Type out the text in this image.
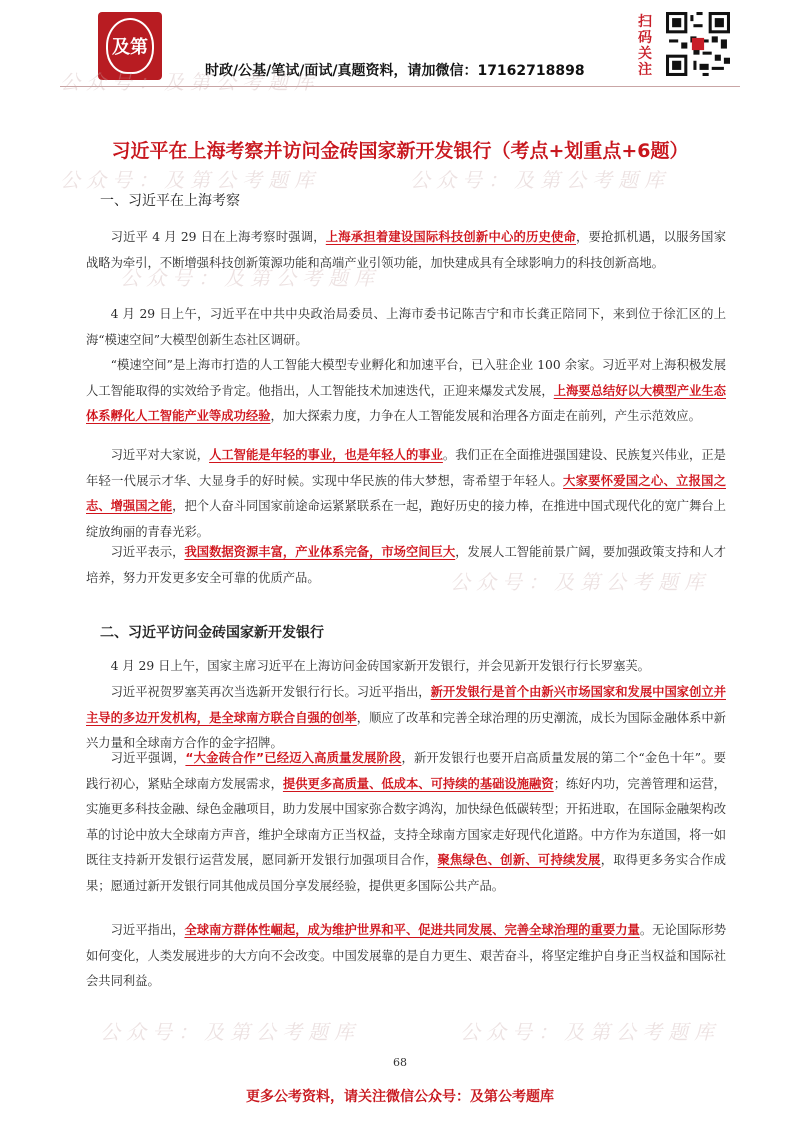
及第
时政/公基/笔试/面试/真题资料，请加微信：17162718898
扫码关注
公众号：及第公考题库
公众号：及第公考题库	公众号：及第公考题库
公众号：及第公考题库
公众号：及第公考题库
公众号：及第公考题库	公众号：及第公考题库
习近平在上海考察并访问金砖国家新开发银行（考点+划重点+6题）
一、习近平在上海考察
习近平 4 月 29 日在上海考察时强调，上海承担着建设国际科技创新中心的历史使命，要抢抓机遇，以服务国家战略为牵引，不断增强科技创新策源功能和高端产业引领功能，加快建成具有全球影响力的科技创新高地。
4 月 29 日上午，习近平在中共中央政治局委员、上海市委书记陈吉宁和市长龚正陪同下，来到位于徐汇区的上海“模速空间”大模型创新生态社区调研。
“模速空间”是上海市打造的人工智能大模型专业孵化和加速平台，已入驻企业 100 余家。习近平对上海积极发展人工智能取得的实效给予肯定。他指出，人工智能技术加速迭代，正迎来爆发式发展，上海要总结好以大模型产业生态体系孵化人工智能产业等成功经验，加大探索力度，力争在人工智能发展和治理各方面走在前列，产生示范效应。
习近平对大家说，人工智能是年轻的事业，也是年轻人的事业。我们正在全面推进强国建设、民族复兴伟业，正是年轻一代展示才华、大显身手的好时候。实现中华民族的伟大梦想，寄希望于年轻人。大家要怀爱国之心、立报国之志、增强国之能，把个人奋斗同国家前途命运紧紧联系在一起，跑好历史的接力棒，在推进中国式现代化的宽广舞台上绽放绚丽的青春光彩。
习近平表示，我国数据资源丰富，产业体系完备，市场空间巨大，发展人工智能前景广阔，要加强政策支持和人才培养，努力开发更多安全可靠的优质产品。
二、习近平访问金砖国家新开发银行
4 月 29 日上午，国家主席习近平在上海访问金砖国家新开发银行，并会见新开发银行行长罗塞芙。
习近平祝贺罗塞芙再次当选新开发银行行长。习近平指出，新开发银行是首个由新兴市场国家和发展中国家创立并主导的多边开发机构，是全球南方联合自强的创举，顺应了改革和完善全球治理的历史潮流，成长为国际金融体系中新兴力量和全球南方合作的金字招牌。
习近平强调，“大金砖合作”已经迈入高质量发展阶段，新开发银行也要开启高质量发展的第二个“金色十年”。要践行初心，紧贴全球南方发展需求，提供更多高质量、低成本、可持续的基础设施融资；练好内功，完善管理和运营，实施更多科技金融、绿色金融项目，助力发展中国家弥合数字鸿沟，加快绿色低碳转型；开拓进取，在国际金融架构改革的讨论中放大全球南方声音，维护全球南方正当权益，支持全球南方国家走好现代化道路。中方作为东道国，将一如既往支持新开发银行运营发展，愿同新开发银行加强项目合作，聚焦绿色、创新、可持续发展，取得更多务实合作成果；愿通过新开发银行同其他成员国分享发展经验，提供更多国际公共产品。
习近平指出，全球南方群体性崛起，成为维护世界和平、促进共同发展、完善全球治理的重要力量。无论国际形势如何变化，人类发展进步的大方向不会改变。中国发展靠的是自力更生、艰苦奋斗，将坚定维护自身正当权益和国际社会共同利益。
68
更多公考资料，请关注微信公众号：及第公考题库
